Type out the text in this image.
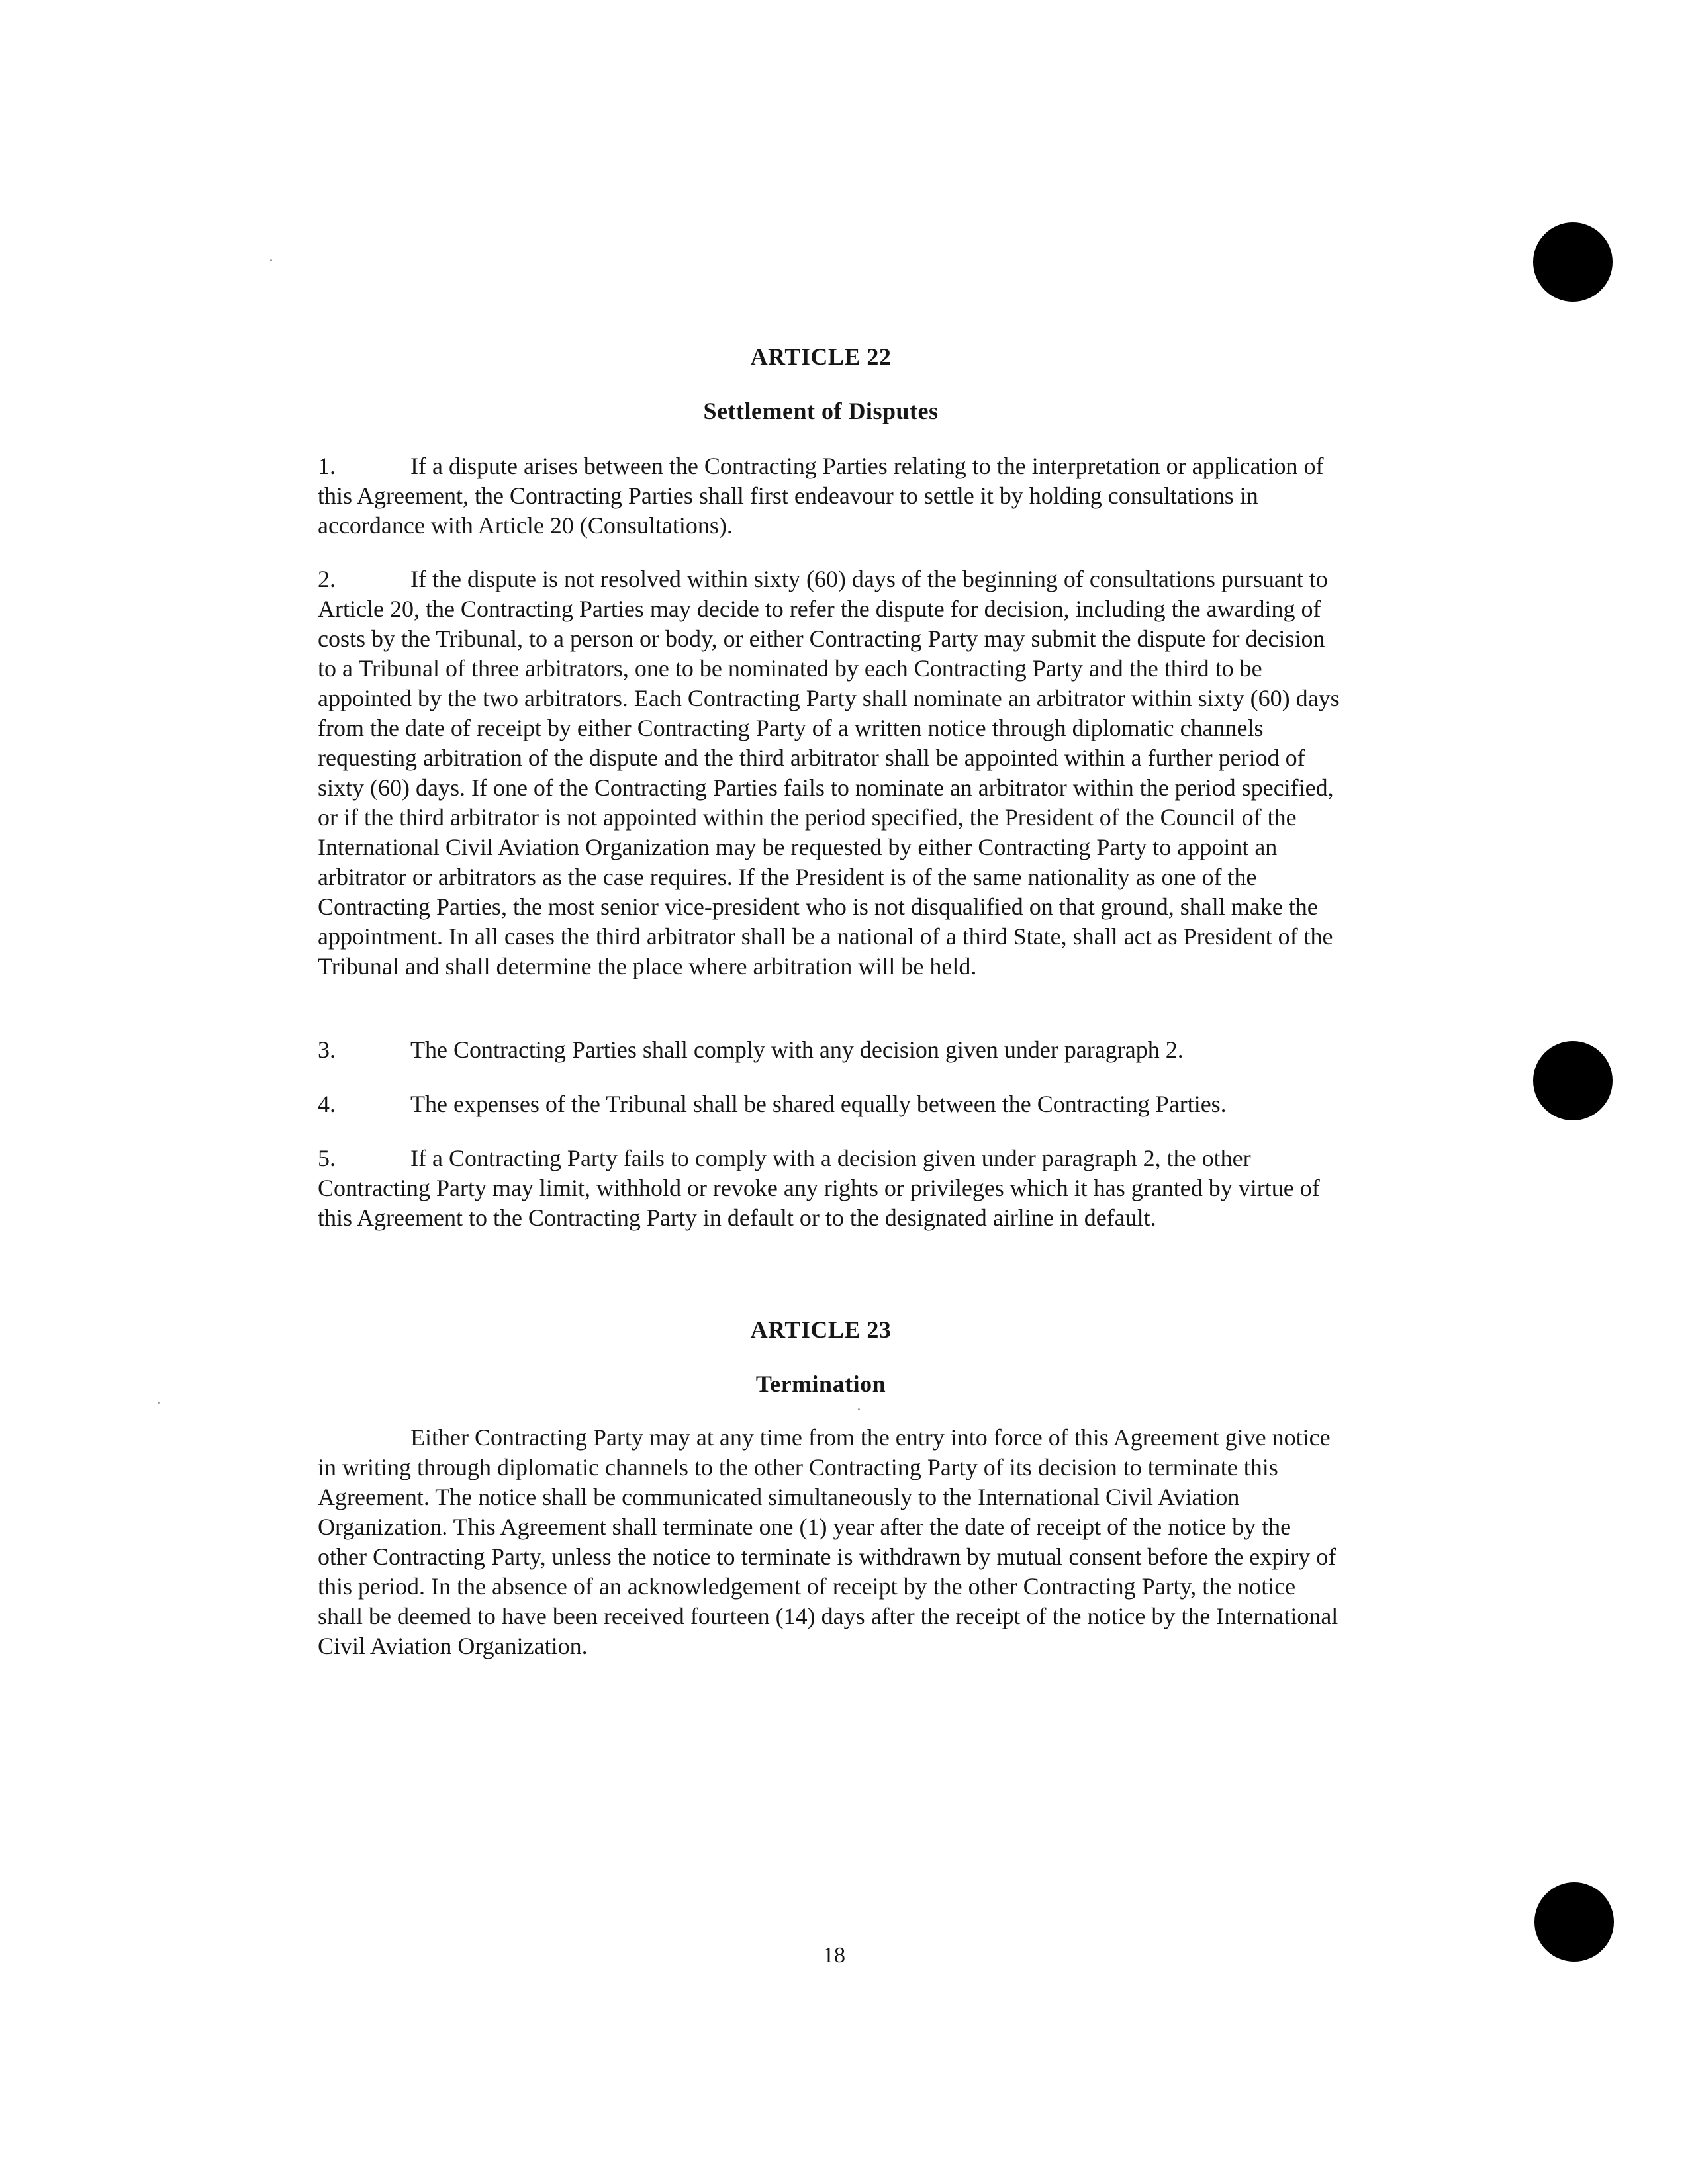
ARTICLE 22
Settlement of Disputes
1.	If a dispute arises between the Contracting Parties relating to the interpretation or application of this Agreement, the Contracting Parties shall first endeavour to settle it by holding consultations in accordance with Article 20 (Consultations).
2.	If the dispute is not resolved within sixty (60) days of the beginning of consultations pursuant to Article 20, the Contracting Parties may decide to refer the dispute for decision, including the awarding of costs by the Tribunal, to a person or body, or either Contracting Party may submit the dispute for decision to a Tribunal of three arbitrators, one to be nominated by each Contracting Party and the third to be appointed by the two arbitrators. Each Contracting Party shall nominate an arbitrator within sixty (60) days from the date of receipt by either Contracting Party of a written notice through diplomatic channels requesting arbitration of the dispute and the third arbitrator shall be appointed within a further period of sixty (60) days. If one of the Contracting Parties fails to nominate an arbitrator within the period specified, or if the third arbitrator is not appointed within the period specified, the President of the Council of the International Civil Aviation Organization may be requested by either Contracting Party to appoint an arbitrator or arbitrators as the case requires. If the President is of the same nationality as one of the Contracting Parties, the most senior vice-president who is not disqualified on that ground, shall make the appointment. In all cases the third arbitrator shall be a national of a third State, shall act as President of the Tribunal and shall determine the place where arbitration will be held.
3.	The Contracting Parties shall comply with any decision given under paragraph 2.
4.	The expenses of the Tribunal shall be shared equally between the Contracting Parties.
5.	If a Contracting Party fails to comply with a decision given under paragraph 2, the other Contracting Party may limit, withhold or revoke any rights or privileges which it has granted by virtue of this Agreement to the Contracting Party in default or to the designated airline in default.
ARTICLE 23
Termination
Either Contracting Party may at any time from the entry into force of this Agreement give notice in writing through diplomatic channels to the other Contracting Party of its decision to terminate this Agreement. The notice shall be communicated simultaneously to the International Civil Aviation Organization. This Agreement shall terminate one (1) year after the date of receipt of the notice by the other Contracting Party, unless the notice to terminate is withdrawn by mutual consent before the expiry of this period. In the absence of an acknowledgement of receipt by the other Contracting Party, the notice shall be deemed to have been received fourteen (14) days after the receipt of the notice by the International Civil Aviation Organization.
18
